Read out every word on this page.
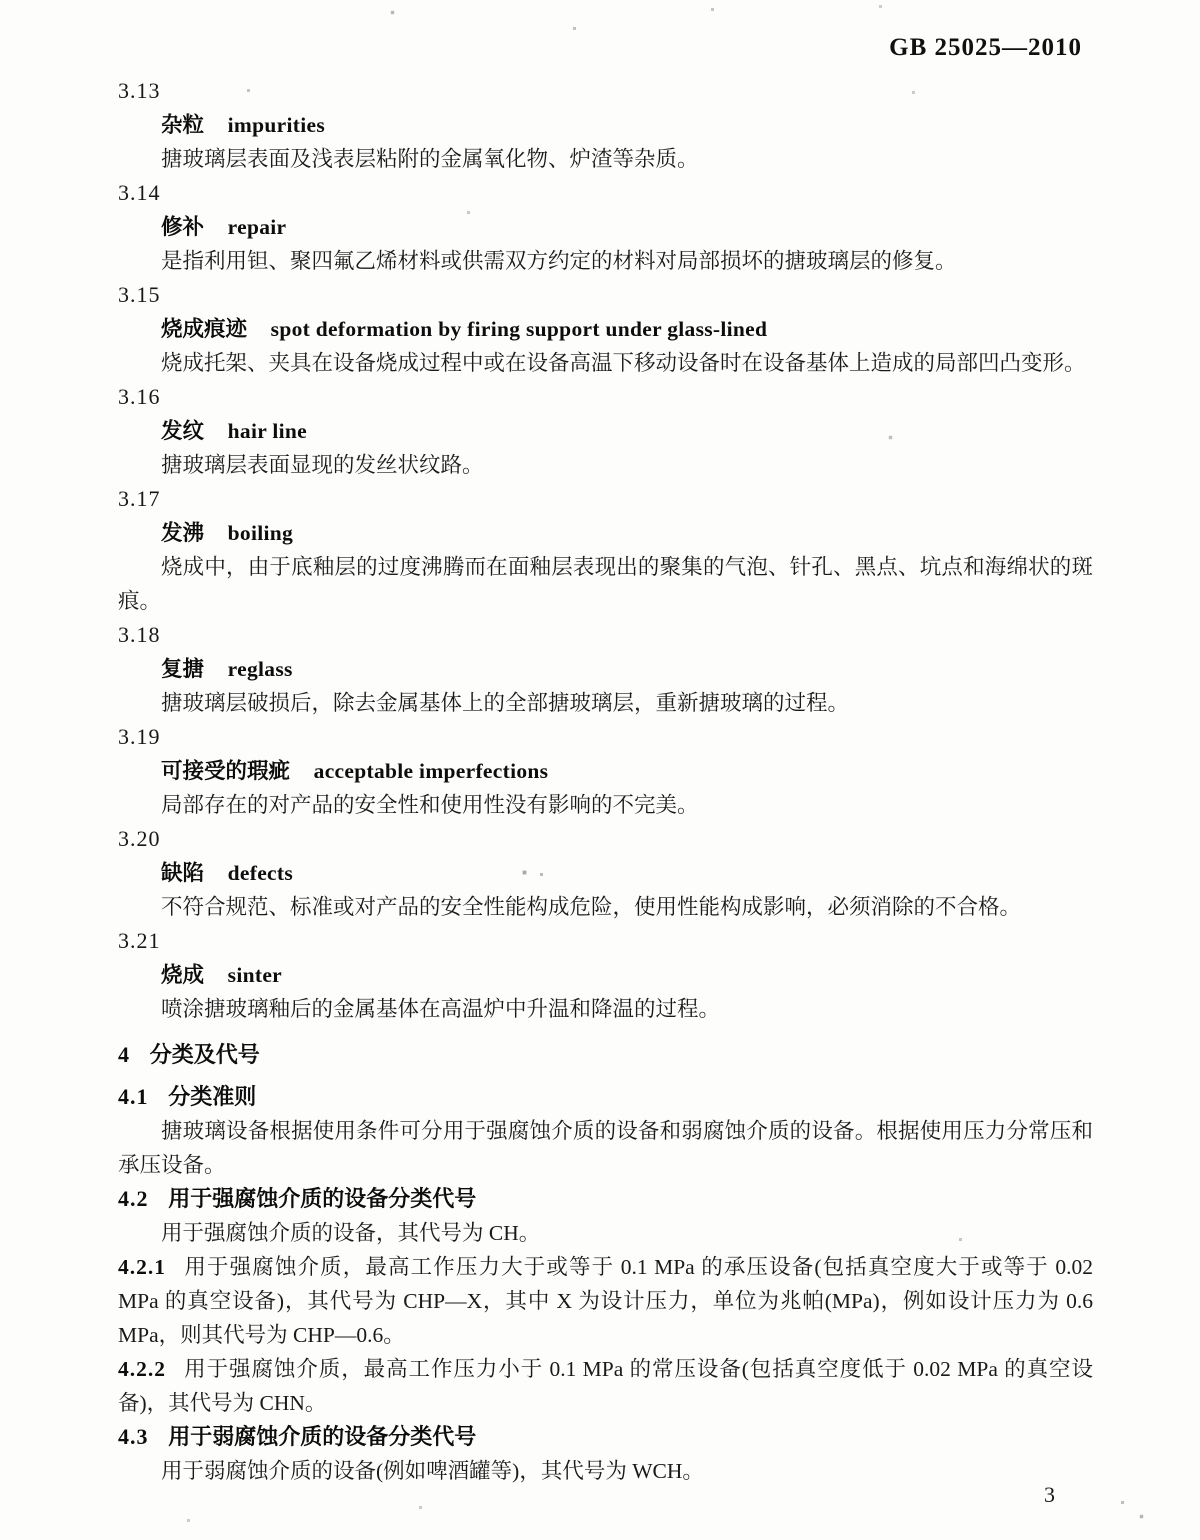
GB 25025—2010
3.13
杂粒 impurities

搪玻璃层表面及浅表层粘附的金属氧化物、炉渣等杂质。

3.14
修补 repair

是指利用钽、聚四氟乙烯材料或供需双方约定的材料对局部损坏的搪玻璃层的修复。

3.15
烧成痕迹 spot deformation by firing support under glass-lined

烧成托架、夹具在设备烧成过程中或在设备高温下移动设备时在设备基体上造成的局部凹凸变形。

3.16
发纹 hair line

搪玻璃层表面显现的发丝状纹路。

3.17
发沸 boiling

烧成中，由于底釉层的过度沸腾而在面釉层表现出的聚集的气泡、针孔、黑点、坑点和海绵状的斑痕。

3.18
复搪 reglass

搪玻璃层破损后，除去金属基体上的全部搪玻璃层，重新搪玻璃的过程。

3.19
可接受的瑕疵 acceptable imperfections

局部存在的对产品的安全性和使用性没有影响的不完美。

3.20
缺陷 defects

不符合规范、标准或对产品的安全性能构成危险，使用性能构成影响，必须消除的不合格。

3.21
烧成 sinter

喷涂搪玻璃釉后的金属基体在高温炉中升温和降温的过程。

4 分类及代号
4.1 分类准则

搪玻璃设备根据使用条件可分用于强腐蚀介质的设备和弱腐蚀介质的设备。根据使用压力分常压和承压设备。

4.2 用于强腐蚀介质的设备分类代号

用于强腐蚀介质的设备，其代号为 CH。

4.2.1 用于强腐蚀介质，最高工作压力大于或等于 0.1 MPa 的承压设备(包括真空度大于或等于 0.02 MPa 的真空设备)，其代号为 CHP—X，其中 X 为设计压力，单位为兆帕(MPa)，例如设计压力为 0.6 MPa，则其代号为 CHP—0.6。

4.2.2 用于强腐蚀介质，最高工作压力小于 0.1 MPa 的常压设备(包括真空度低于 0.02 MPa 的真空设备)，其代号为 CHN。

4.3 用于弱腐蚀介质的设备分类代号

用于弱腐蚀介质的设备(例如啤酒罐等)，其代号为 WCH。

3
